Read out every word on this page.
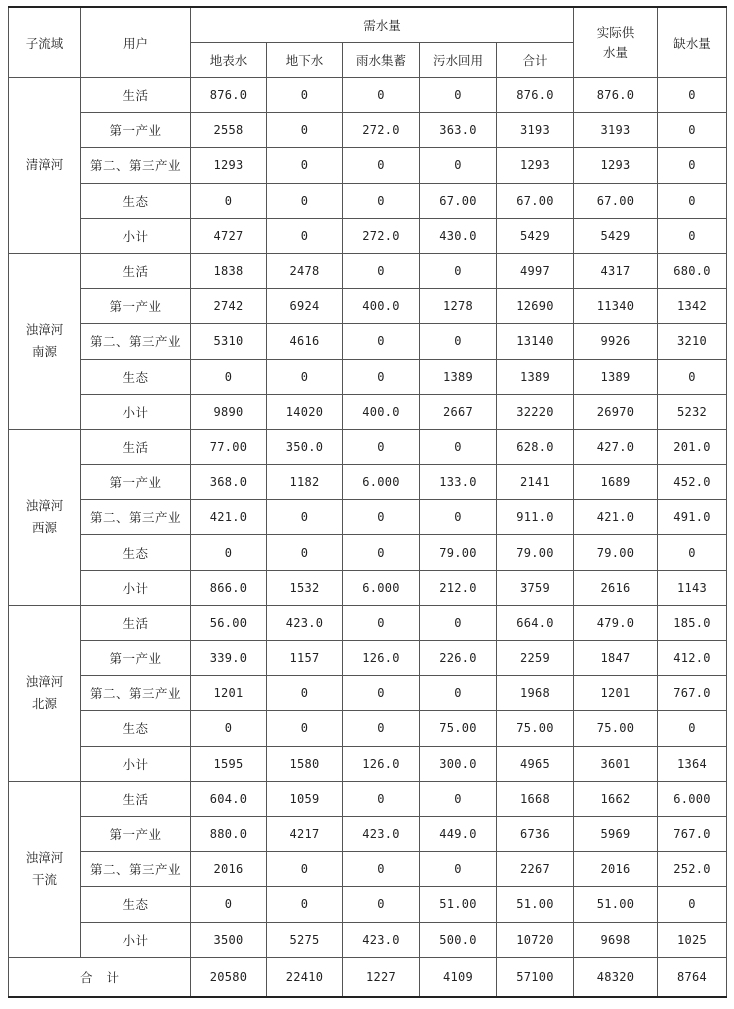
子流域	用户	需水量					实际供水量	缺水量
		地表水	地下水	雨水集蓄	污水回用	合计		
清漳河	生活	876.0	0	0	0	876.0	876.0	0
	第一产业	2558	0	272.0	363.0	3193	3193	0
	第二、第三产业	1293	0	0	0	1293	1293	0
	生态	0	0	0	67.00	67.00	67.00	0
	小计	4727	0	272.0	430.0	5429	5429	0
浊漳河南源	生活	1838	2478	0	0	4997	4317	680.0
	第一产业	2742	6924	400.0	1278	12690	11340	1342
	第二、第三产业	5310	4616	0	0	13140	9926	3210
	生态	0	0	0	1389	1389	1389	0
	小计	9890	14020	400.0	2667	32220	26970	5232
浊漳河西源	生活	77.00	350.0	0	0	628.0	427.0	201.0
	第一产业	368.0	1182	6.000	133.0	2141	1689	452.0
	第二、第三产业	421.0	0	0	0	911.0	421.0	491.0
	生态	0	0	0	79.00	79.00	79.00	0
	小计	866.0	1532	6.000	212.0	3759	2616	1143
浊漳河北源	生活	56.00	423.0	0	0	664.0	479.0	185.0
	第一产业	339.0	1157	126.0	226.0	2259	1847	412.0
	第二、第三产业	1201	0	0	0	1968	1201	767.0
	生态	0	0	0	75.00	75.00	75.00	0
	小计	1595	1580	126.0	300.0	4965	3601	1364
浊漳河干流	生活	604.0	1059	0	0	1668	1662	6.000
	第一产业	880.0	4217	423.0	449.0	6736	5969	767.0
	第二、第三产业	2016	0	0	0	2267	2016	252.0
	生态	0	0	0	51.00	51.00	51.00	0
	小计	3500	5275	423.0	500.0	10720	9698	1025
合计		20580	22410	1227	4109	57100	48320	8764
